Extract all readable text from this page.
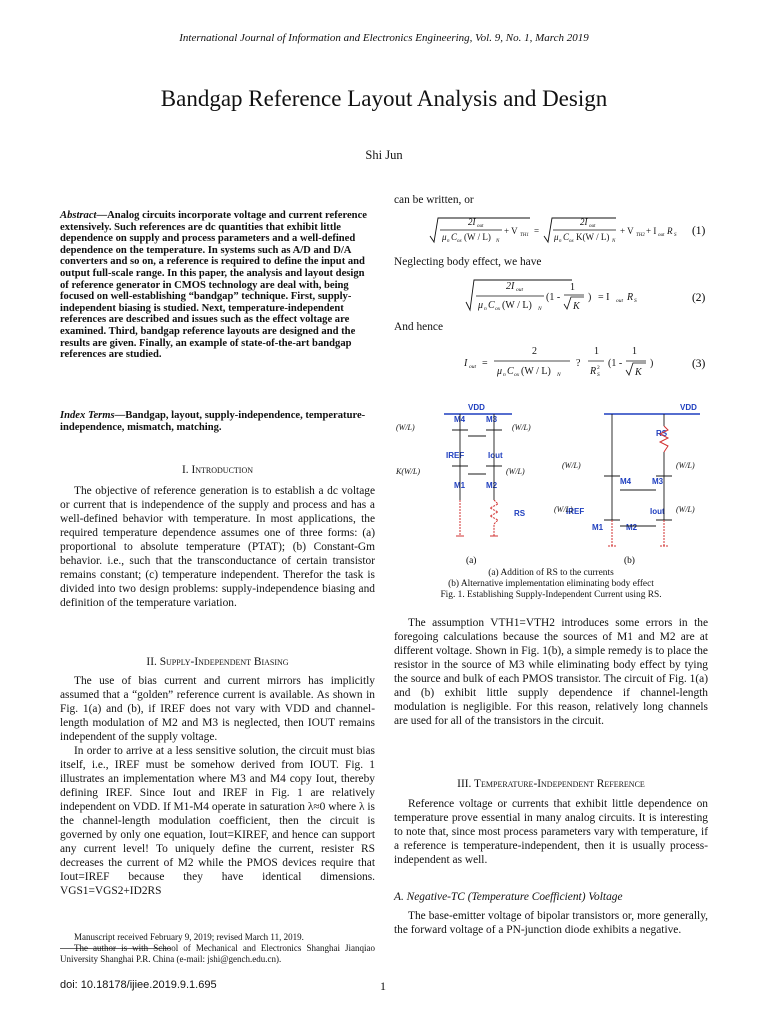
International Journal of Information and Electronics Engineering, Vol. 9, No. 1, March 2019
Bandgap Reference Layout Analysis and Design
Shi Jun
Abstract—Analog circuits incorporate voltage and current reference extensively. Such references are dc quantities that exhibit little dependence on supply and process parameters and a well-defined dependence on the temperature. In systems such as A/D and D/A converters and so on, a reference is required to define the input and output full-scale range. In this paper, the analysis and layout design of reference generator in CMOS technology are deal with, being focused on well-establishing “bandgap” technique. First, supply-independent biasing is studied. Next, temperature-independent references are described and issues such as the effect voltage are examined. Third, bandgap reference layouts are designed and the results are given. Finally, an example of state-of-the-art bandgap references are studied.
Index Terms—Bandgap, layout, supply-independence, temperature-independence, mismatch, matching.
I. Introduction

The objective of reference generation is to establish a dc voltage or current that is independence of the supply and process and has a well-defined behavior with temperature. In most applications, the required temperature dependence assumes one of three forms: (a) proportional to absolute temperature (PTAT); (b) Constant-Gm behavior. i.e., such that the transconductance of certain transistor remains constant; (c) temperature independent. Therefor the task is divided into two design problems: supply-independence biasing and definition of the temperature variation.

II. Supply-Independent Biasing

The use of bias current and current mirrors has implicitly assumed that a “golden” reference current is available. As shown in Fig. 1(a) and (b), if IREF does not vary with VDD and channel-length modulation of M2 and M3 is neglected, then IOUT remains independent of the supply voltage.

In order to arrive at a less sensitive solution, the circuit must bias itself, i.e., IREF must be somehow derived from IOUT. Fig. 1 illustrates an implementation where M3 and M4 copy Iout, thereby defining IREF. Since Iout and IREF in Fig. 1 are relatively independent on VDD. If M1-M4 operate in saturation λ≈0 where λ is the channel-length modulation coefficient, then the circuit is governed by only one equation, Iout=KIREF, and hence can support any current level! To uniquely define the current, resister RS decreases the current of M2 while the PMOS devices require that Iout=IREF because they have identical dimensions. VGS1=VGS2+ID2RS

Manuscript received February 9, 2019; revised March 11, 2019.

The author is with School of Mechanical and Electronics Shanghai Jianqiao University Shanghai P.R. China (e-mail: jshi@gench.edu.cn).

doi: 10.18178/ijiee.2019.9.1.695	1
can be written, or
2I out
μ n C ox (W / L) N
+ V TH1 =
2I out
μ n C ox K(W / L) N
+ V TH2 + I out R S (1)
Neglecting body effect, we have
2I out
μ n C ox (W / L) N
(1 -
1
K
) = I out R S	(2)
And hence
I out =
2
μ n C ox (W / L) N
?
1
R S
2 (1 -
1
K
)	(3)
VDD
M4	M3
IREF	Iout
M1	M2
RS
VDD
RS
M4	M3
IREF	Iout
M1	M2
(W/L)	(W/L)
K(W/L)	(W/L)
(W/L)	(W/L)
(W/L)	(W/L)
(a)	(b)
(a) Addition of RS to the currents
(b) Alternative implementation eliminating body effect
Fig. 1. Establishing Supply-Independent Current using RS.

The assumption VTH1=VTH2 introduces some errors in the foregoing calculations because the sources of M1 and M2 are at different voltage. Shown in Fig. 1(b), a simple remedy is to place the resistor in the source of M3 while eliminating body effect by tying the source and bulk of each PMOS transistor. The circuit of Fig. 1(a) and (b) exhibit little supply dependence if channel-length modulation is negligible. For this reason, relatively long channels are used for all of the transistors in the circuit.

III. Temperature-Independent Reference

Reference voltage or currents that exhibit little dependence on temperature prove essential in many analog circuits. It is interesting to note that, since most process parameters vary with temperature, if a reference is temperature-independent, then it is usually process-independent as well.

A. Negative-TC (Temperature Coefficient) Voltage

The base-emitter voltage of bipolar transistors or, more generally, the forward voltage of a PN-junction diode exhibits a negative.
